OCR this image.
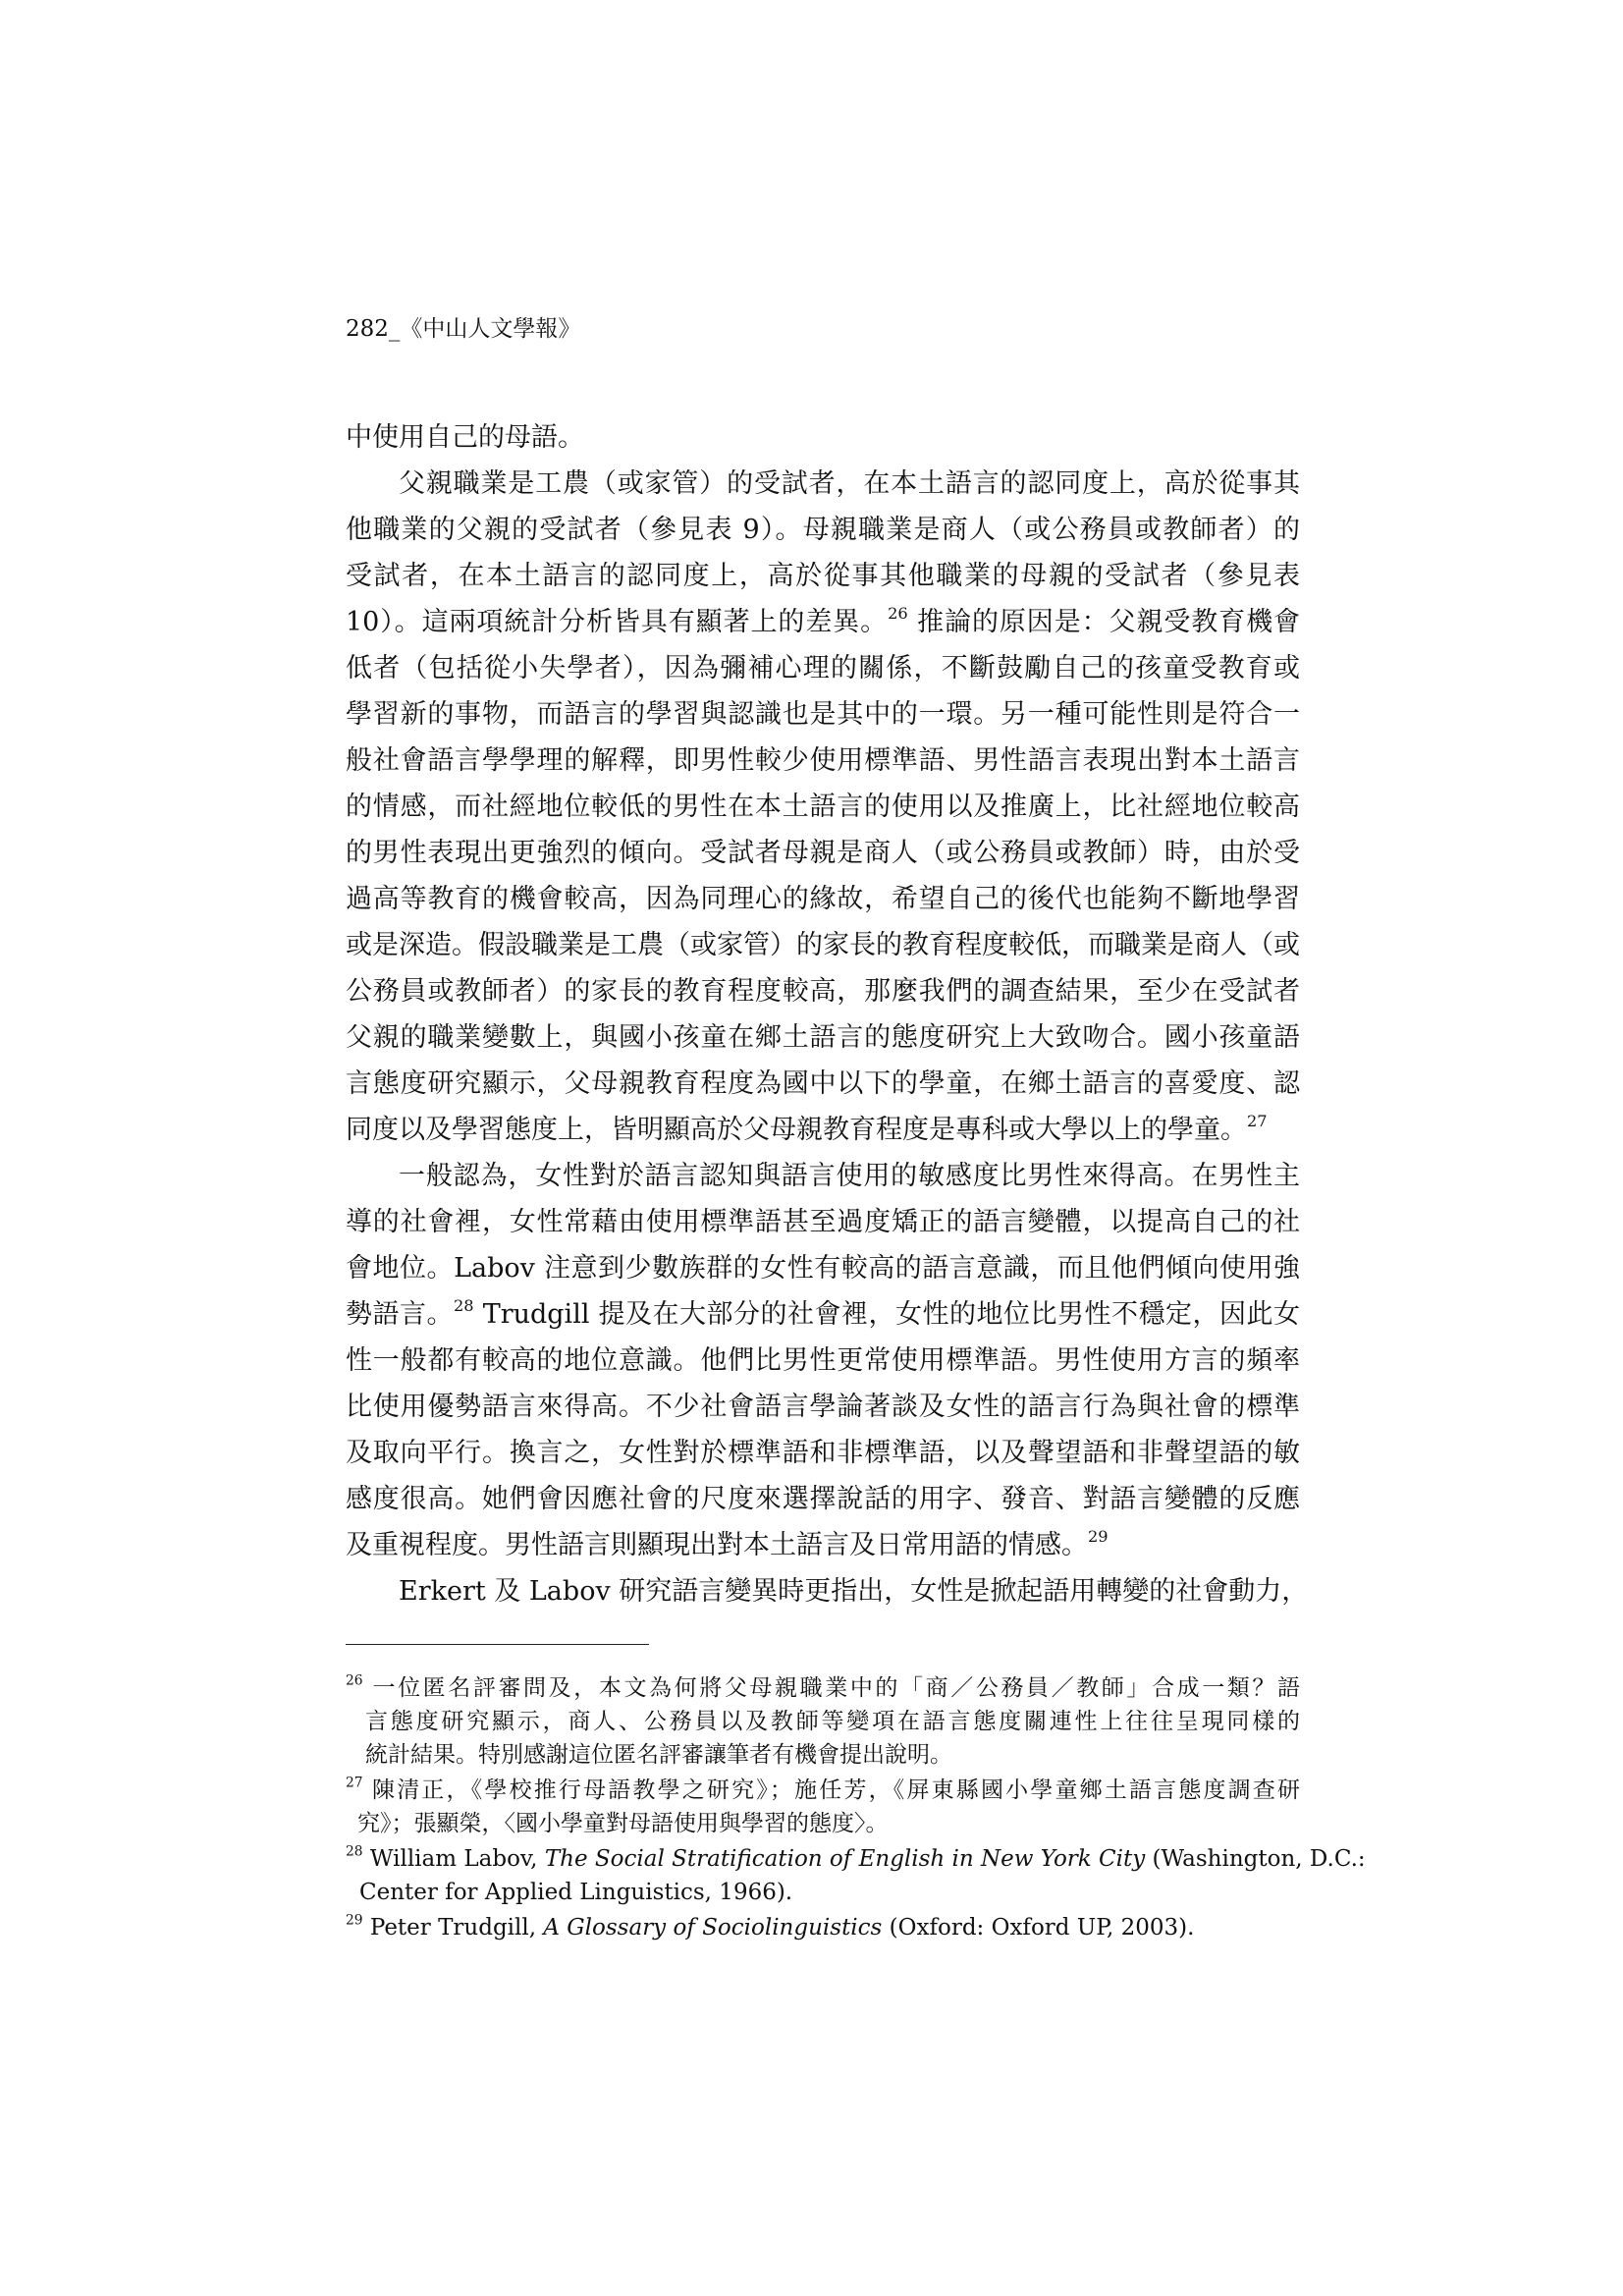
282_《中山人文學報》
中使用自己的母語。
父親職業是工農（或家管）的受試者，在本土語言的認同度上，高於從事其
他職業的父親的受試者（參見表 9）。母親職業是商人（或公務員或教師者）的
受試者，在本土語言的認同度上，高於從事其他職業的母親的受試者（參見表
10）。這兩項統計分析皆具有顯著上的差異。$^{26}$ 推論的原因是：父親受教育機會
低者（包括從小失學者），因為彌補心理的關係，不斷鼓勵自己的孩童受教育或
學習新的事物，而語言的學習與認識也是其中的一環。另一種可能性則是符合一
般社會語言學學理的解釋，即男性較少使用標準語、男性語言表現出對本土語言
的情感，而社經地位較低的男性在本土語言的使用以及推廣上，比社經地位較高
的男性表現出更強烈的傾向。受試者母親是商人（或公務員或教師）時，由於受
過高等教育的機會較高，因為同理心的緣故，希望自己的後代也能夠不斷地學習
或是深造。假設職業是工農（或家管）的家長的教育程度較低，而職業是商人（或
公務員或教師者）的家長的教育程度較高，那麼我們的調查結果，至少在受試者
父親的職業變數上，與國小孩童在鄉土語言的態度研究上大致吻合。國小孩童語
言態度研究顯示，父母親教育程度為國中以下的學童，在鄉土語言的喜愛度、認
同度以及學習態度上，皆明顯高於父母親教育程度是專科或大學以上的學童。$^{27}$
一般認為，女性對於語言認知與語言使用的敏感度比男性來得高。在男性主
導的社會裡，女性常藉由使用標準語甚至過度矯正的語言變體，以提高自己的社
會地位。Labov 注意到少數族群的女性有較高的語言意識，而且他們傾向使用強
勢語言。$^{28}$ Trudgill 提及在大部分的社會裡，女性的地位比男性不穩定，因此女
性一般都有較高的地位意識。他們比男性更常使用標準語。男性使用方言的頻率
比使用優勢語言來得高。不少社會語言學論著談及女性的語言行為與社會的標準
及取向平行。換言之，女性對於標準語和非標準語，以及聲望語和非聲望語的敏
感度很高。她們會因應社會的尺度來選擇說話的用字、發音、對語言變體的反應
及重視程度。男性語言則顯現出對本土語言及日常用語的情感。$^{29}$
Erkert 及 Labov 研究語言變異時更指出，女性是掀起語用轉變的社會動力，
$^{26}$ 一位匿名評審問及，本文為何將父母親職業中的「商／公務員／教師」合成一類？語
言態度研究顯示，商人、公務員以及教師等變項在語言態度關連性上往往呈現同樣的
統計結果。特別感謝這位匿名評審讓筆者有機會提出說明。
$^{27}$ 陳清正，《學校推行母語教學之研究》；施任芳，《屏東縣國小學童鄉土語言態度調查研
究》；張顯榮，〈國小學童對母語使用與學習的態度〉。
$^{28}$ William Labov, The Social Stratification of English in New York City (Washington, D.C.:
Center for Applied Linguistics, 1966).
$^{29}$ Peter Trudgill, A Glossary of Sociolinguistics (Oxford: Oxford UP, 2003).
